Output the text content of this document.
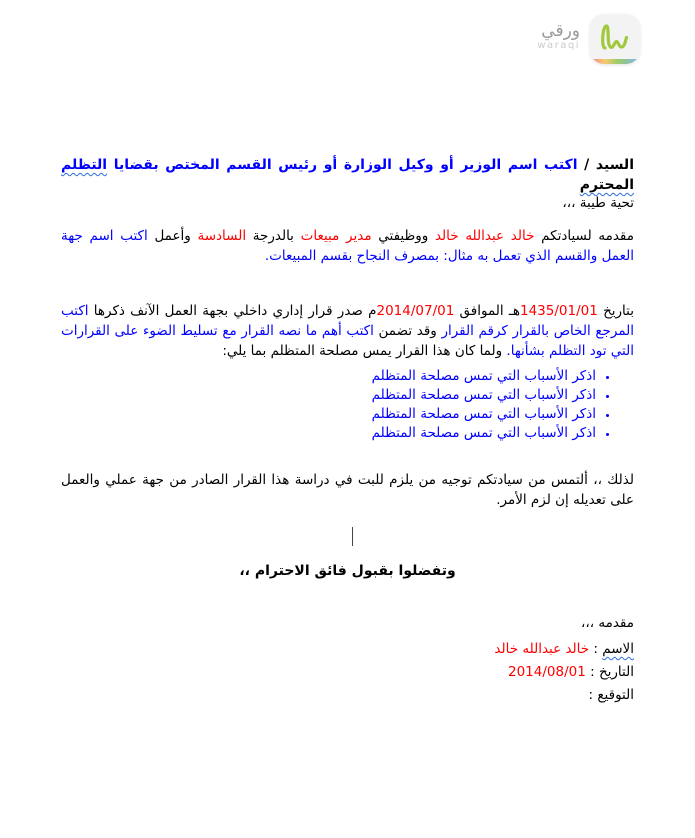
ورقي
waraqi

السيد / اكتب اسم الوزير أو وكيل الوزارة أو رئيس القسم المختص بقضايا التظلم المحترم

تحية طيبة ،،،

مقدمه لسيادتكم خالد عبدالله خالد ووظيفتي مدير مبيعات بالدرجة السادسة وأعمل اكتب اسم جهة العمل والقسم الذي تعمل به مثال: بمصرف النجاح بقسم المبيعات.

بتاريخ 1435/01/01هـ الموافق 2014/07/01م صدر قرار إداري داخلي بجهة العمل الآنف ذكرها اكتب المرجع الخاص بالقرار كرقم القرار وقد تضمن اكتب أهم ما نصه القرار مع تسليط الضوء على القرارات التي تود التظلم بشأنها. ولما كان هذا القرار يمس مصلحة المتظلم بما يلي:

• اذكر الأسباب التي تمس مصلحة المتظلم
• اذكر الأسباب التي تمس مصلحة المتظلم
• اذكر الأسباب التي تمس مصلحة المتظلم
• اذكر الأسباب التي تمس مصلحة المتظلم

لذلك ،، ألتمس من سيادتكم توجيه من يلزم للبت في دراسة هذا القرار الصادر من جهة عملي والعمل على تعديله إن لزم الأمر.

وتفضلوا بقبول فائق الاحترام ،،

مقدمه ،،،

الاسم : خالد عبدالله خالد
التاريخ : 2014/08/01
التوقيع :
